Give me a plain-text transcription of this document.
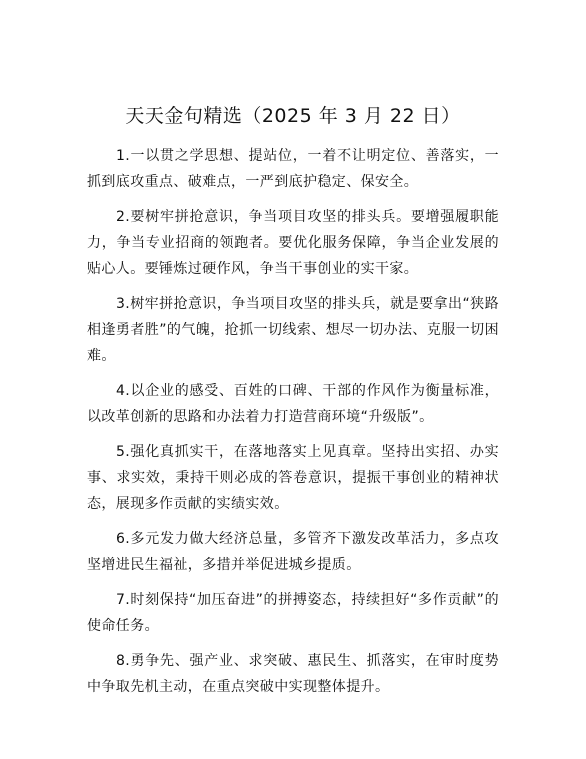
天天金句精选（2025 年 3 月 22 日）

1.一以贯之学思想、提站位，一着不让明定位、善落实，一抓到底攻重点、破难点，一严到底护稳定、保安全。

2.要树牢拼抢意识，争当项目攻坚的排头兵。要增强履职能力，争当专业招商的领跑者。要优化服务保障，争当企业发展的贴心人。要锤炼过硬作风，争当干事创业的实干家。

3.树牢拼抢意识，争当项目攻坚的排头兵，就是要拿出“狭路相逢勇者胜”的气魄，抢抓一切线索、想尽一切办法、克服一切困难。

4.以企业的感受、百姓的口碑、干部的作风作为衡量标准，以改革创新的思路和办法着力打造营商环境“升级版”。

5.强化真抓实干，在落地落实上见真章。坚持出实招、办实事、求实效，秉持干则必成的答卷意识，提振干事创业的精神状态，展现多作贡献的实绩实效。

6.多元发力做大经济总量，多管齐下激发改革活力，多点攻坚增进民生福祉，多措并举促进城乡提质。

7.时刻保持“加压奋进”的拼搏姿态，持续担好“多作贡献”的使命任务。

8.勇争先、强产业、求突破、惠民生、抓落实，在审时度势中争取先机主动，在重点突破中实现整体提升。
